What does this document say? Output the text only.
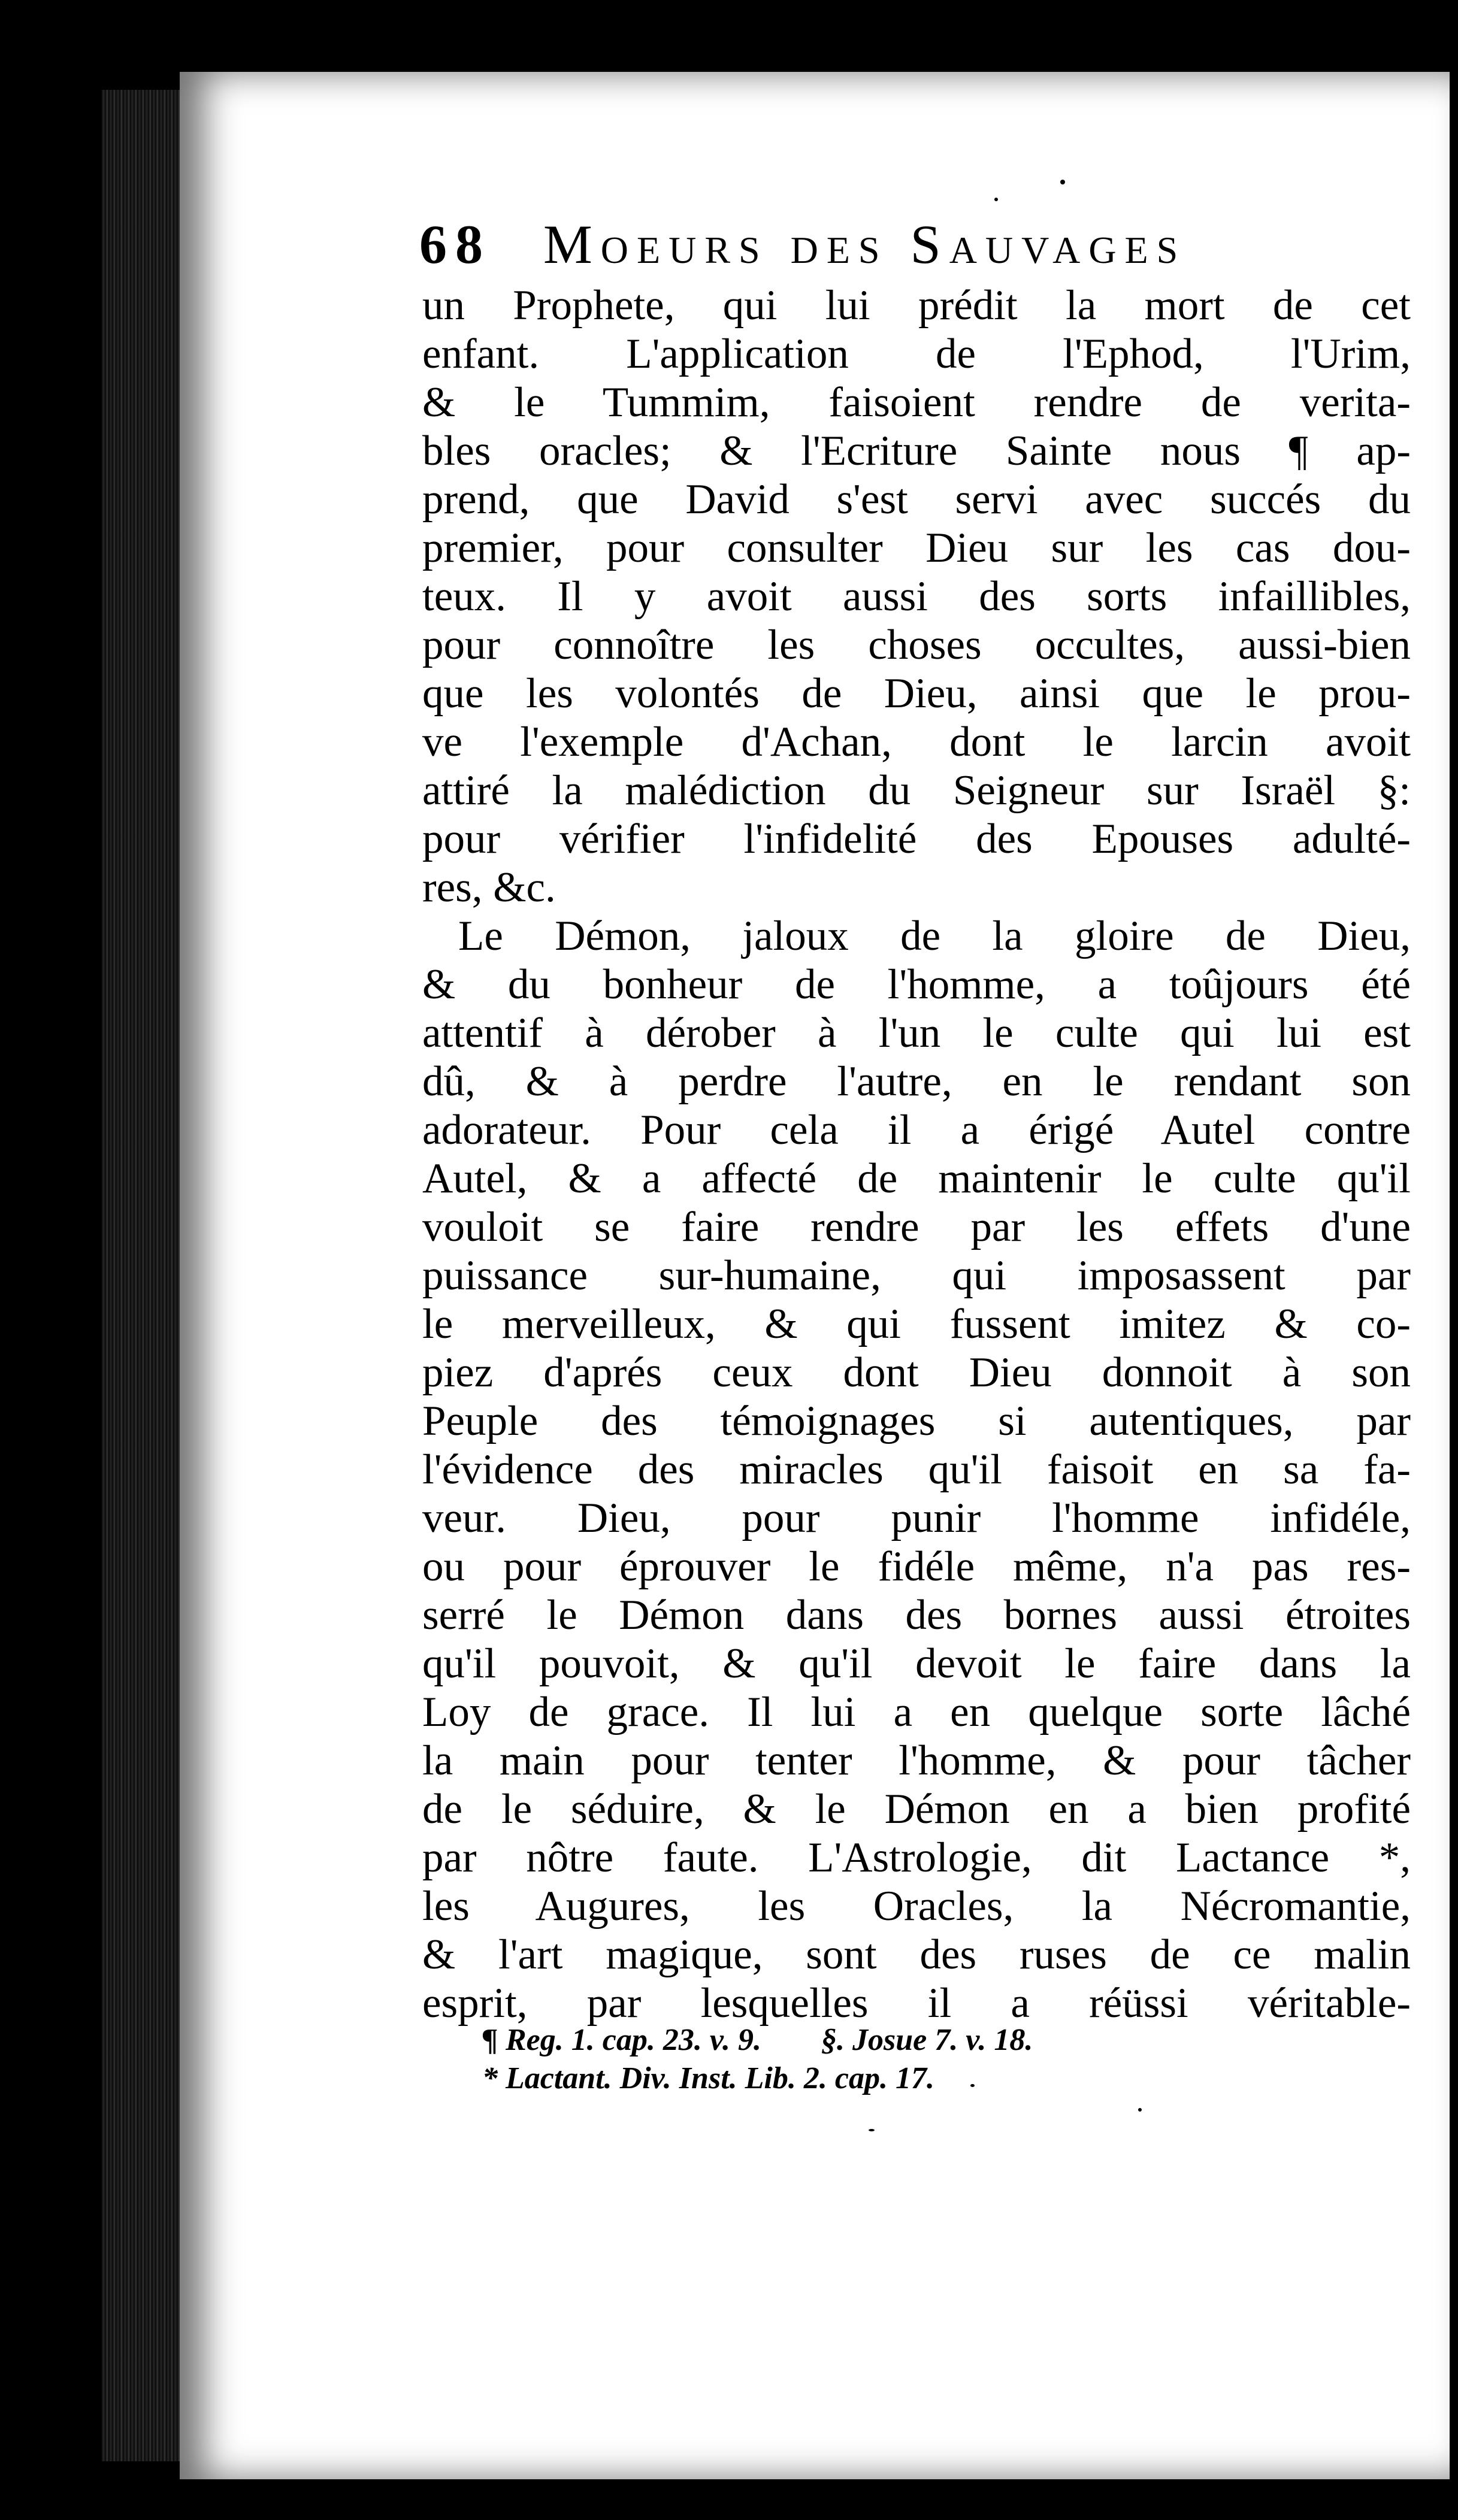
68 Moeurs des Sauvages
un Prophete, qui lui prédit la mort de cet
enfant. L'application de l'Ephod, l'Urim,
& le Tummim, faisoient rendre de verita-
bles oracles; & l'Ecriture Sainte nous ¶ ap-
prend, que David s'est servi avec succés du
premier, pour consulter Dieu sur les cas dou-
teux. Il y avoit aussi des sorts infaillibles,
pour connoître les choses occultes, aussi-bien
que les volontés de Dieu, ainsi que le prou-
ve l'exemple d'Achan, dont le larcin avoit
attiré la malédiction du Seigneur sur Israël §:
pour vérifier l'infidelité des Epouses adulté-
res, &c.
Le Démon, jaloux de la gloire de Dieu,
& du bonheur de l'homme, a toûjours été
attentif à dérober à l'un le culte qui lui est
dû, & à perdre l'autre, en le rendant son
adorateur. Pour cela il a érigé Autel contre
Autel, & a affecté de maintenir le culte qu'il
vouloit se faire rendre par les effets d'une
puissance sur-humaine, qui imposassent par
le merveilleux, & qui fussent imitez & co-
piez d'aprés ceux dont Dieu donnoit à son
Peuple des témoignages si autentiques, par
l'évidence des miracles qu'il faisoit en sa fa-
veur. Dieu, pour punir l'homme infidéle,
ou pour éprouver le fidéle même, n'a pas res-
serré le Démon dans des bornes aussi étroites
qu'il pouvoit, & qu'il devoit le faire dans la
Loy de grace. Il lui a en quelque sorte lâché
la main pour tenter l'homme, & pour tâcher
de le séduire, & le Démon en a bien profité
par nôtre faute. L'Astrologie, dit Lactance *,
les Augures, les Oracles, la Nécromantie,
& l'art magique, sont des ruses de ce malin
esprit, par lesquelles il a réüssi véritable-
¶ Reg. 1. cap. 23. v. 9. §. Josue 7. v. 18.
* Lactant. Div. Inst. Lib. 2. cap. 17.
